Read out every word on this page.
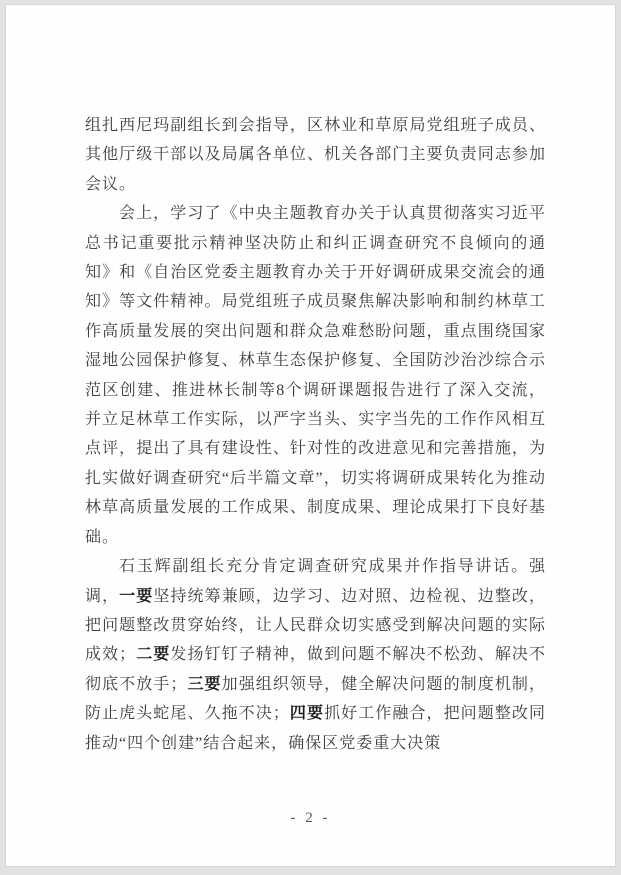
组扎西尼玛副组长到会指导，区林业和草原局党组班子成员、其他厅级干部以及局属各单位、机关各部门主要负责同志参加会议。

会上，学习了《中央主题教育办关于认真贯彻落实习近平总书记重要批示精神坚决防止和纠正调查研究不良倾向的通知》和《自治区党委主题教育办关于开好调研成果交流会的通知》等文件精神。局党组班子成员聚焦解决影响和制约林草工作高质量发展的突出问题和群众急难愁盼问题，重点围绕国家湿地公园保护修复、林草生态保护修复、全国防沙治沙综合示范区创建、推进林长制等8个调研课题报告进行了深入交流，并立足林草工作实际，以严字当头、实字当先的工作作风相互点评，提出了具有建设性、针对性的改进意见和完善措施，为扎实做好调查研究“后半篇文章”，切实将调研成果转化为推动林草高质量发展的工作成果、制度成果、理论成果打下良好基础。

石玉辉副组长充分肯定调查研究成果并作指导讲话。强调，一要坚持统筹兼顾，边学习、边对照、边检视、边整改，把问题整改贯穿始终，让人民群众切实感受到解决问题的实际成效；二要发扬钉钉子精神，做到问题不解决不松劲、解决不彻底不放手；三要加强组织领导，健全解决问题的制度机制，防止虎头蛇尾、久拖不决；四要抓好工作融合，把问题整改同推动“四个创建”结合起来，确保区党委重大决策

- 2 -
